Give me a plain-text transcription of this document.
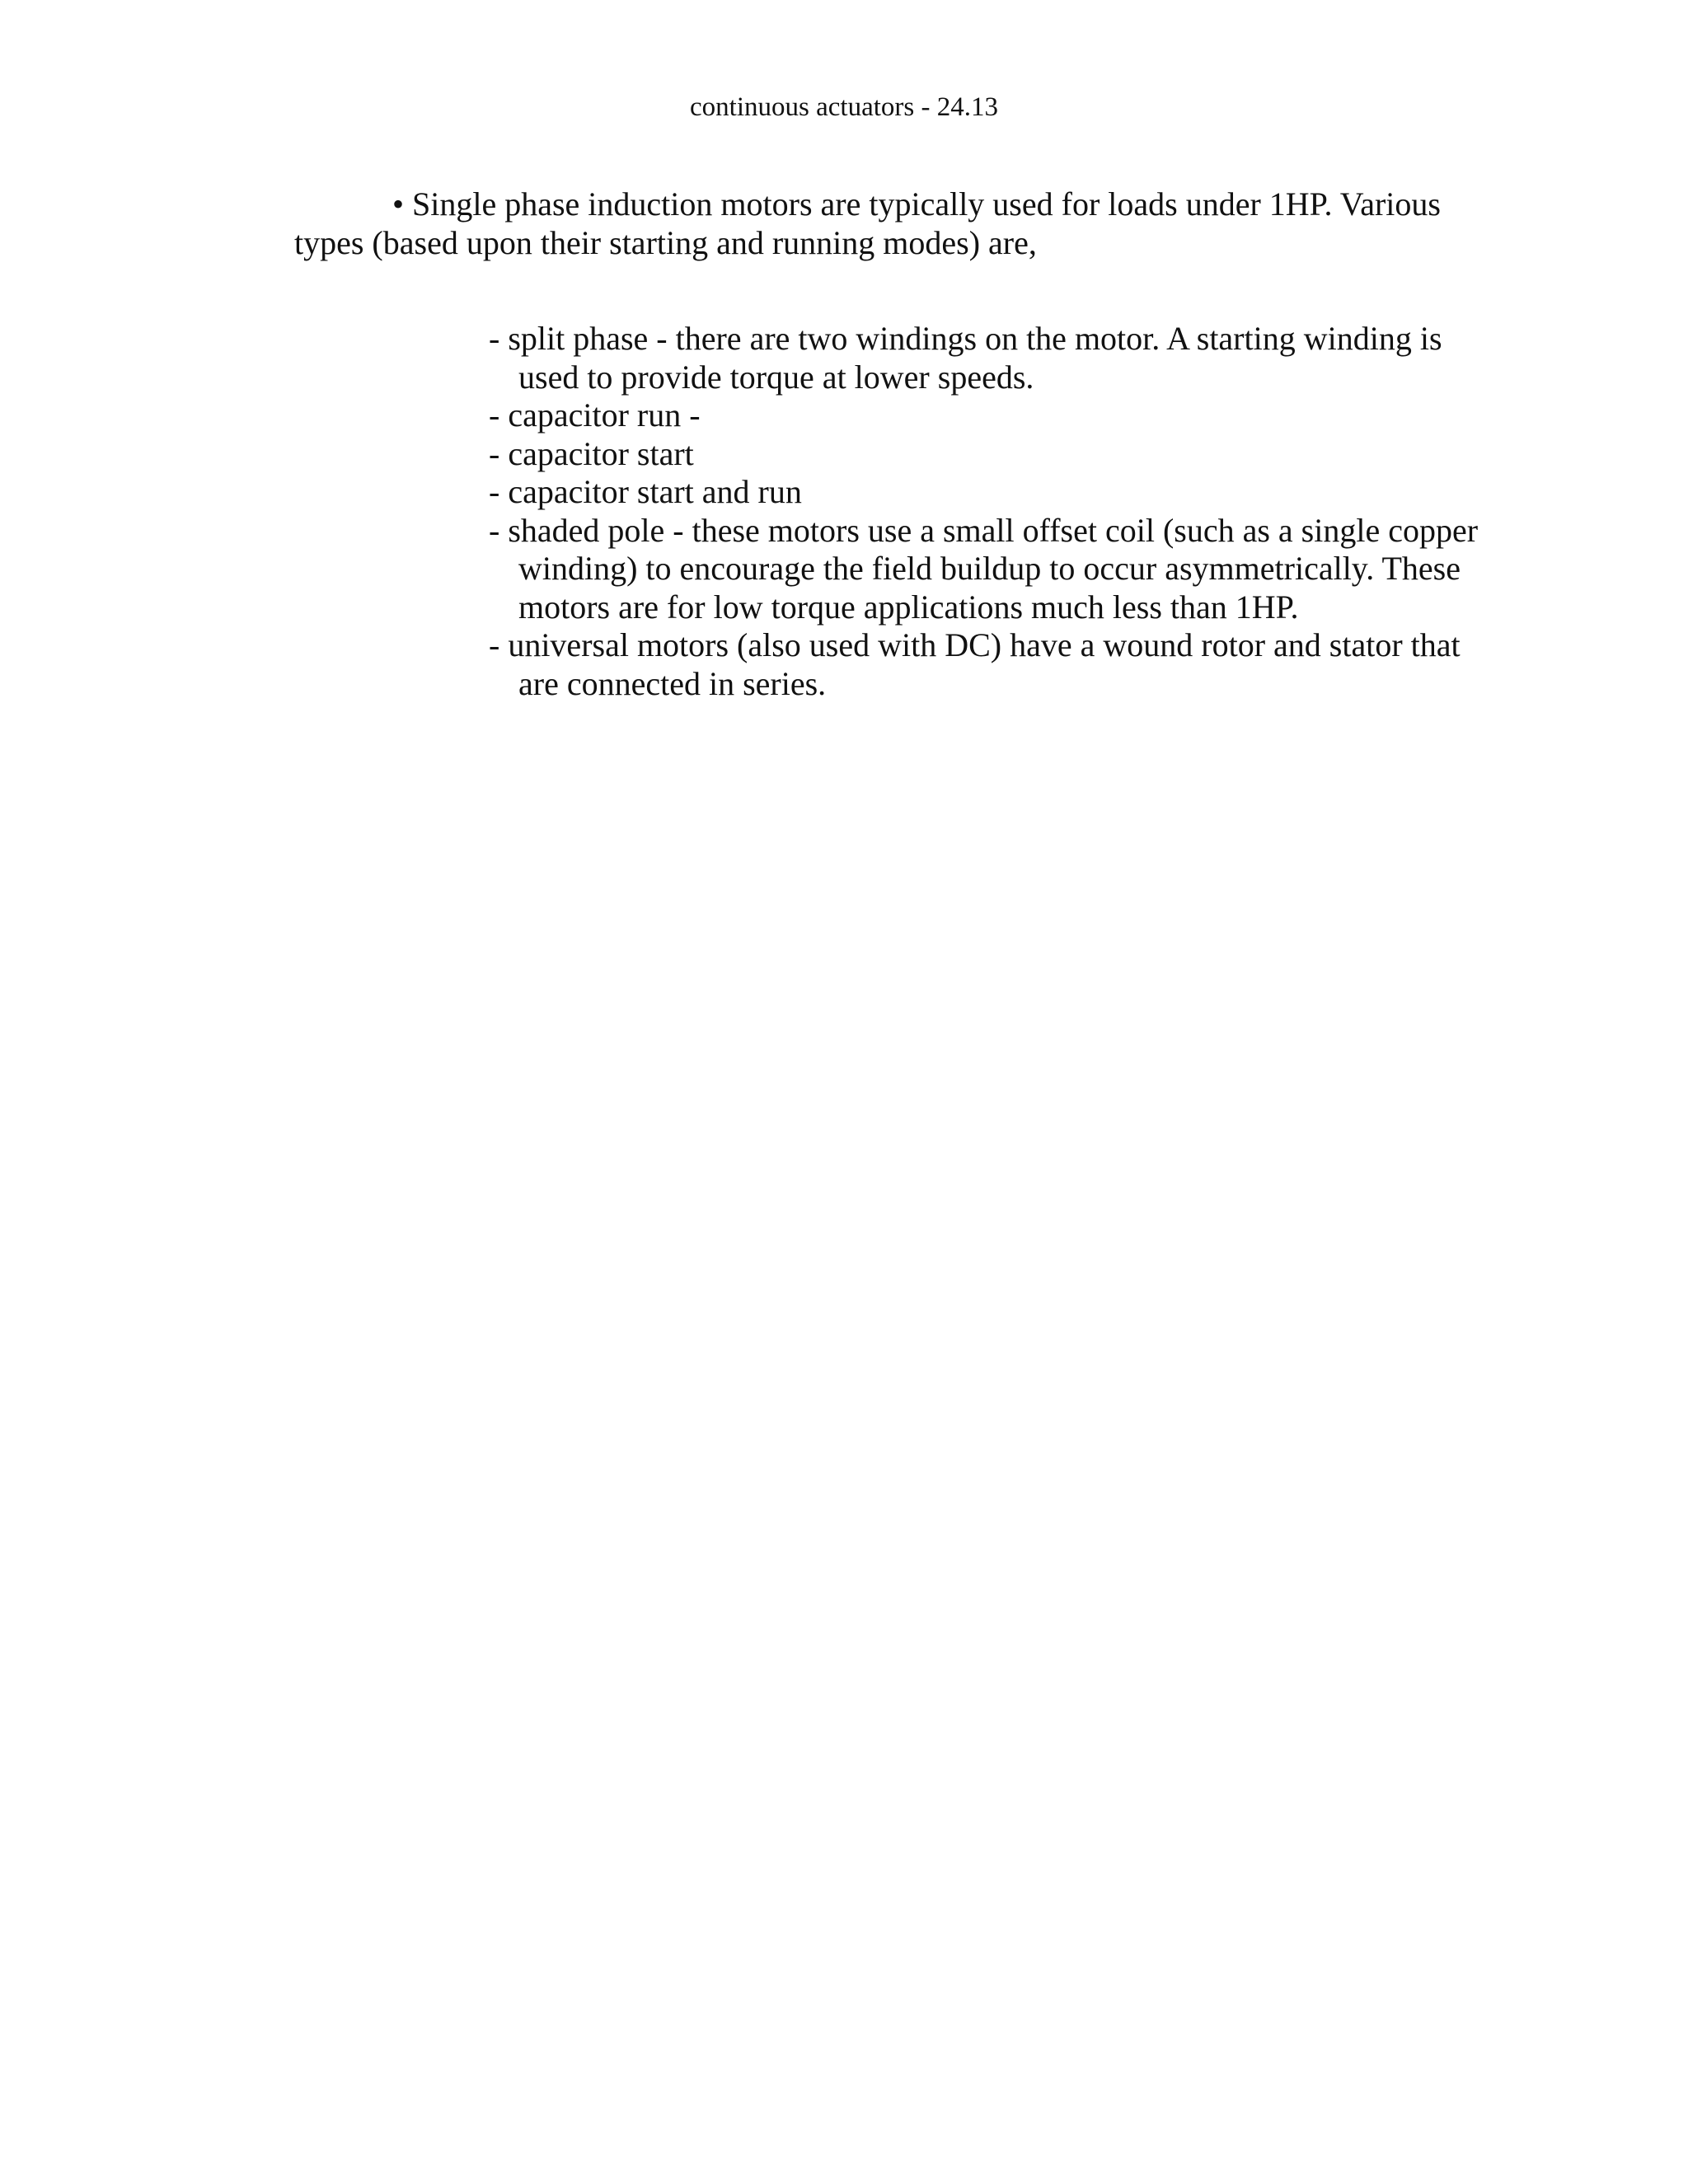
continuous actuators - 24.13

• Single phase induction motors are typically used for loads under 1HP. Various types (based upon their starting and running modes) are,

- split phase - there are two windings on the motor. A starting winding is used to provide torque at lower speeds.
- capacitor run -
- capacitor start
- capacitor start and run
- shaded pole - these motors use a small offset coil (such as a single copper winding) to encourage the field buildup to occur asymmetrically. These motors are for low torque applications much less than 1HP.
- universal motors (also used with DC) have a wound rotor and stator that are connected in series.
